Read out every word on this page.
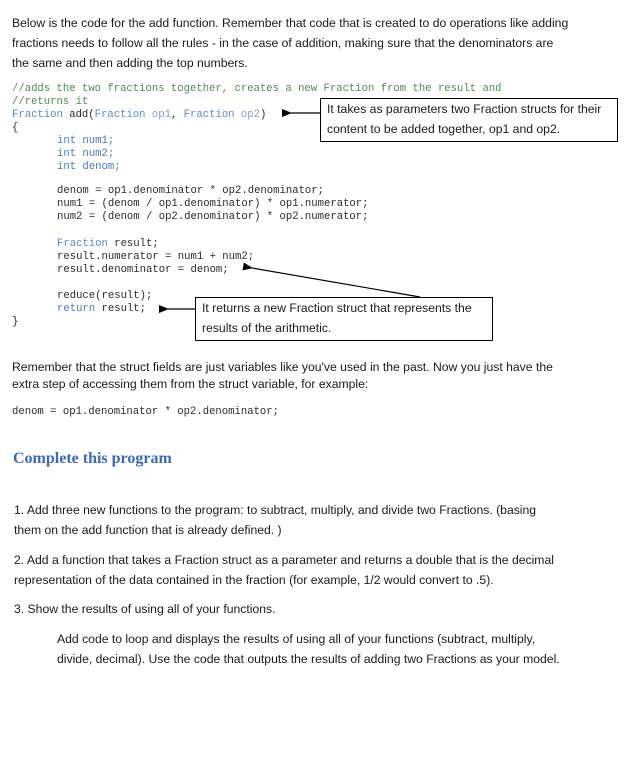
Below is the code for the add function. Remember that code that is created to do operations like adding

fractions needs to follow all the rules - in the case of addition, making sure that the denominators are

the same and then adding the top numbers.

//adds the two fractions together, creates a new Fraction from the result and
//returns it
Fraction add(Fraction op1, Fraction op2)
{
int num1;
int num2;
int denom;
denom = op1.denominator * op2.denominator;
num1 = (denom / op1.denominator) * op1.numerator;
num2 = (denom / op2.denominator) * op2.numerator;
Fraction result;
result.numerator = num1 + num2;
result.denominator = denom;
reduce(result);
return result;
}
It takes as parameters two Fraction structs for their
content to be added together, op1 and op2.
It returns a new Fraction struct that represents the
results of the arithmetic.

Remember that the struct fields are just variables like you've used in the past. Now you just have the

extra step of accessing them from the struct variable, for example:

denom = op1.denominator * op2.denominator;
Complete this program

1. Add three new functions to the program: to subtract, multiply, and divide two Fractions. (basing

them on the add function that is already defined. )

2. Add a function that takes a Fraction struct as a parameter and returns a double that is the decimal

representation of the data contained in the fraction (for example, 1/2 would convert to .5).

3. Show the results of using all of your functions.

Add code to loop and displays the results of using all of your functions (subtract, multiply,

divide, decimal). Use the code that outputs the results of adding two Fractions as your model.
